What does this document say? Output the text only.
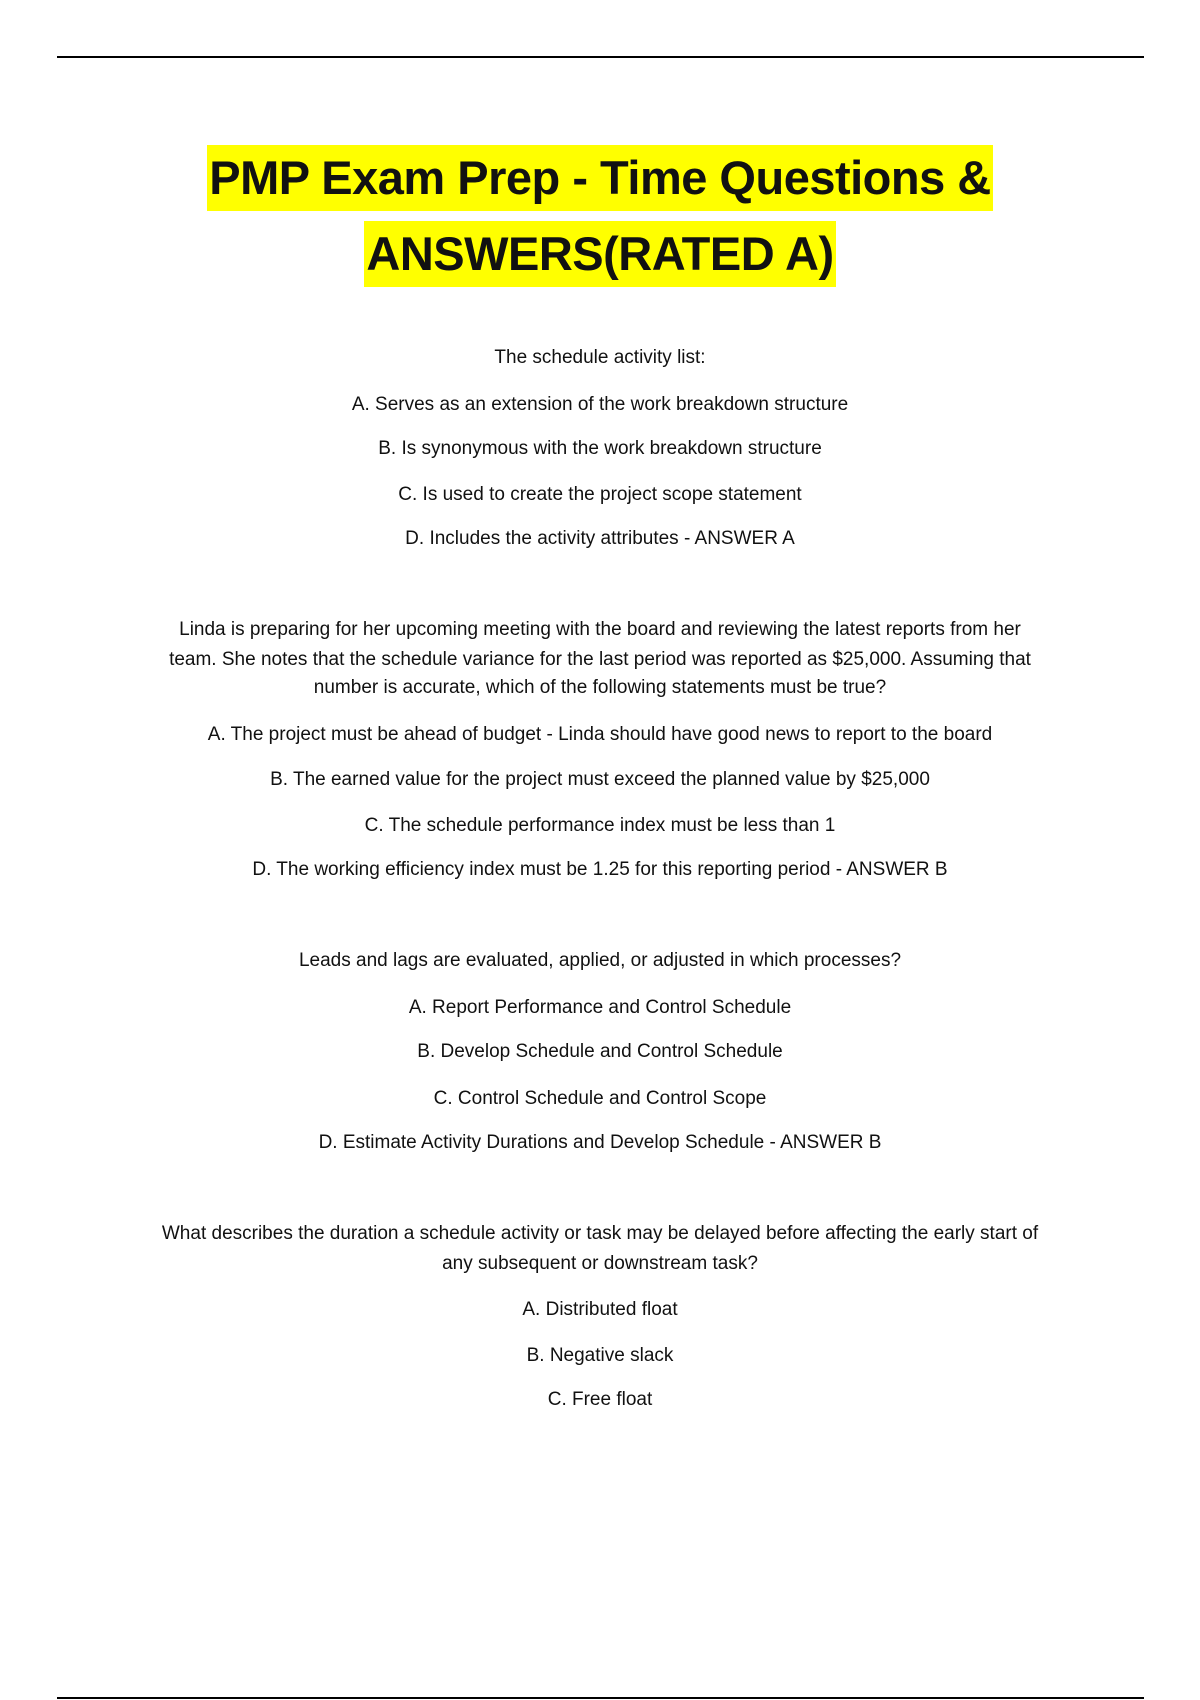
PMP Exam Prep - Time Questions &
ANSWERS(RATED A)
The schedule activity list:
A. Serves as an extension of the work breakdown structure
B. Is synonymous with the work breakdown structure
C. Is used to create the project scope statement
D. Includes the activity attributes - ANSWER A
Linda is preparing for her upcoming meeting with the board and reviewing the latest reports from her
team. She notes that the schedule variance for the last period was reported as $25,000. Assuming that
number is accurate, which of the following statements must be true?
A. The project must be ahead of budget - Linda should have good news to report to the board
B. The earned value for the project must exceed the planned value by $25,000
C. The schedule performance index must be less than 1
D. The working efficiency index must be 1.25 for this reporting period - ANSWER B
Leads and lags are evaluated, applied, or adjusted in which processes?
A. Report Performance and Control Schedule
B. Develop Schedule and Control Schedule
C. Control Schedule and Control Scope
D. Estimate Activity Durations and Develop Schedule - ANSWER B
What describes the duration a schedule activity or task may be delayed before affecting the early start of
any subsequent or downstream task?
A. Distributed float
B. Negative slack
C. Free float
